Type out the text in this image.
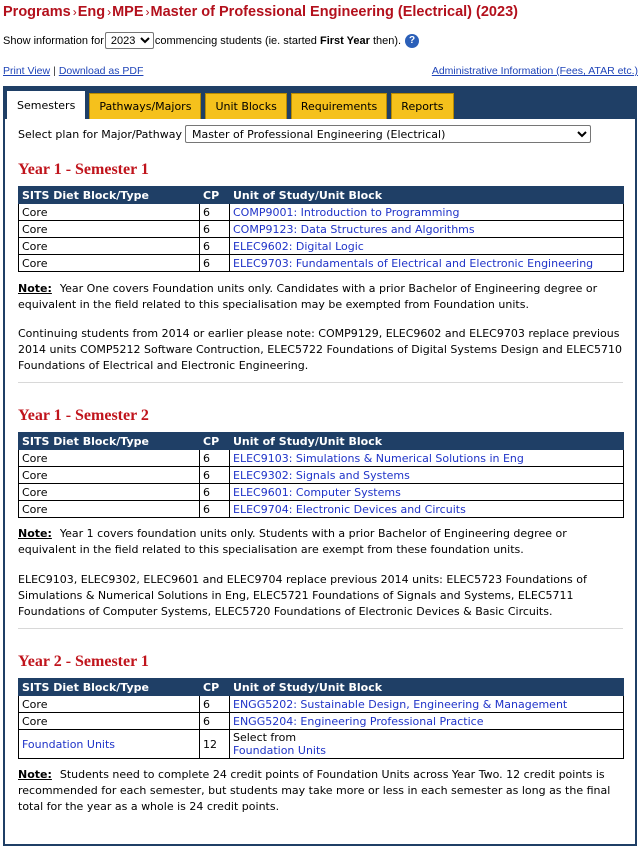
Programs ›Eng ›MPE ›Master of Professional Engineering (Electrical) (2023)
Show information for
2023	commencing students (ie. started First Year then). ?
Print View | Download as PDF	Administrative Information (Fees, ATAR etc.)
Semesters	Pathways/Majors	Unit Blocks	Requirements	Reports
Select plan for Major/Pathway
Master of Professional Engineering (Electrical)
Year 1 - Semester 1
SITS Diet Block/Type	CP	Unit of Study/Unit Block
Core	6	COMP9001: Introduction to Programming
Core	6	COMP9123: Data Structures and Algorithms
Core	6	ELEC9602: Digital Logic
Core	6	ELEC9703: Fundamentals of Electrical and Electronic Engineering

Note: Year One covers Foundation units only. Candidates with a prior Bachelor of Engineering degree or equivalent in the field related to this specialisation may be exempted from Foundation units.

Continuing students from 2014 or earlier please note: COMP9129, ELEC9602 and ELEC9703 replace previous 2014 units COMP5212 Software Contruction, ELEC5722 Foundations of Digital Systems Design and ELEC5710 Foundations of Electrical and Electronic Engineering.

Year 1 - Semester 2
SITS Diet Block/Type	CP	Unit of Study/Unit Block
Core	6	ELEC9103: Simulations & Numerical Solutions in Eng
Core	6	ELEC9302: Signals and Systems
Core	6	ELEC9601: Computer Systems
Core	6	ELEC9704: Electronic Devices and Circuits

Note: Year 1 covers foundation units only. Students with a prior Bachelor of Engineering degree or equivalent in the field related to this specialisation are exempt from these foundation units.

ELEC9103, ELEC9302, ELEC9601 and ELEC9704 replace previous 2014 units: ELEC5723 Foundations of Simulations & Numerical Solutions in Eng, ELEC5721 Foundations of Signals and Systems, ELEC5711 Foundations of Computer Systems, ELEC5720 Foundations of Electronic Devices & Basic Circuits.

Year 2 - Semester 1
SITS Diet Block/Type	CP	Unit of Study/Unit Block
Core	6	ENGG5202: Sustainable Design, Engineering & Management
Core	6	ENGG5204: Engineering Professional Practice
Foundation Units	12	Select from
Foundation Units

Note: Students need to complete 24 credit points of Foundation Units across Year Two. 12 credit points is recommended for each semester, but students may take more or less in each semester as long as the final total for the year as a whole is 24 credit points.
